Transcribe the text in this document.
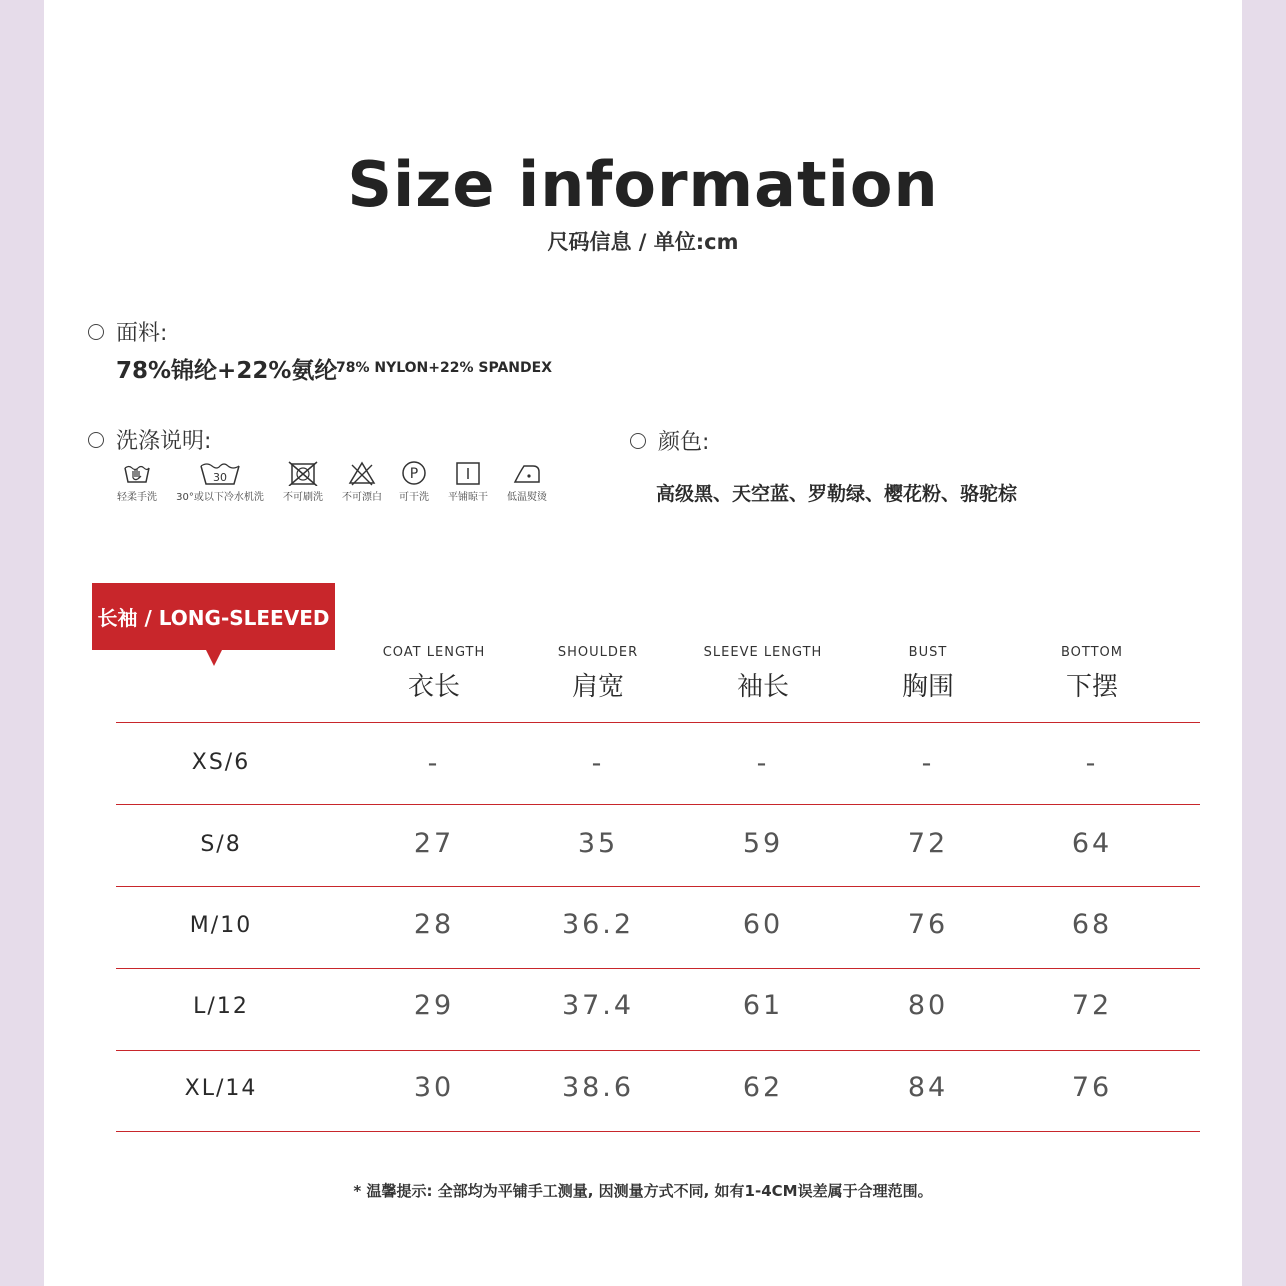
Size information
尺码信息 / 单位:cm
面料:
78%锦纶+22%氨纶
78% NYLON+22% SPANDEX
洗涤说明:
轻柔手洗
30
30°或以下冷水机洗	不可刷洗	不可漂白
P
可干洗	平铺晾干	低温熨烫
颜色:
高级黑、天空蓝、罗勒绿、樱花粉、骆驼棕
长袖 / LONG-SLEEVED
COAT LENGTH
衣长
SHOULDER
肩宽
SLEEVE LENGTH
袖长
BUST
胸围
BOTTOM
下摆
XS/6	-	-	-	-	-
S/8	27	35	59	72	64
M/10	28	36.2	60	76	68
L/12	29	37.4	61	80	72
XL/14	30	38.6	62	84	76
* 温馨提示: 全部均为平铺手工测量, 因测量方式不同, 如有1-4CM误差属于合理范围。
